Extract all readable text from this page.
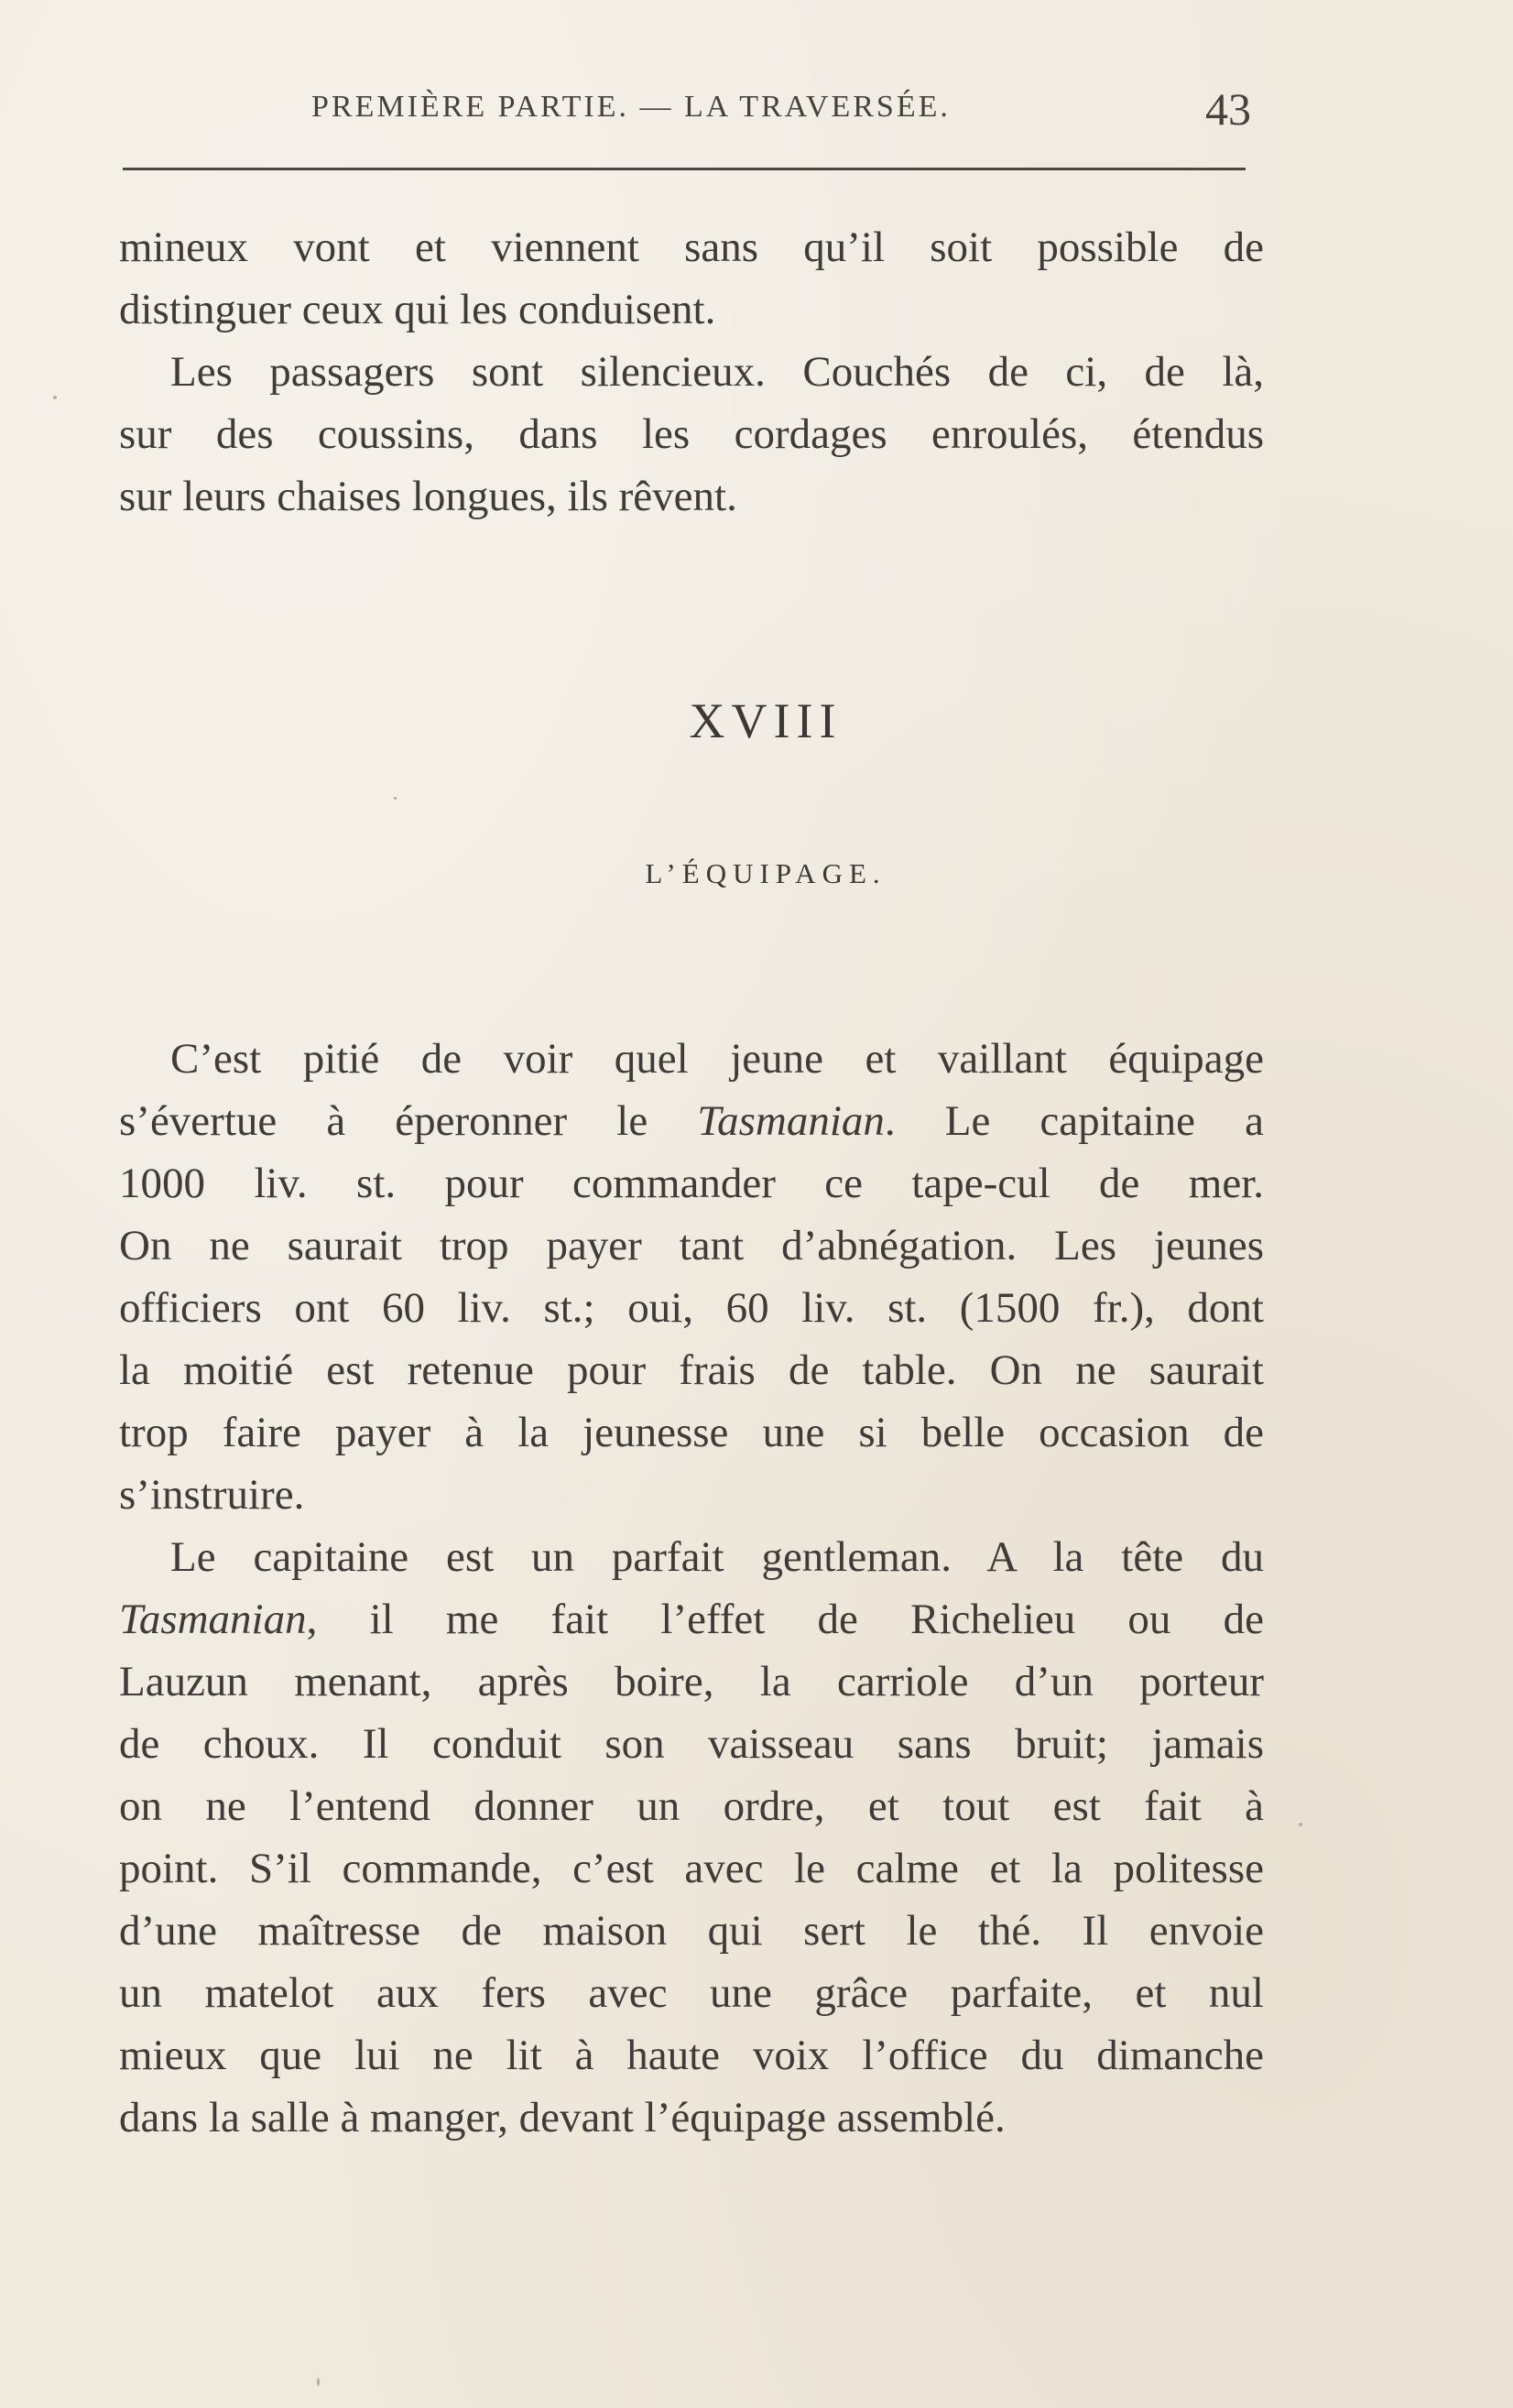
PREMIÈRE PARTIE. — LA TRAVERSÉE.	43
mineux vont et viennent sans qu’il soit possible de
distinguer ceux qui les conduisent.
Les passagers sont silencieux. Couchés de ci, de là,
sur des coussins, dans les cordages enroulés, étendus
sur leurs chaises longues, ils rêvent.
XVIII
L’ÉQUIPAGE.
C’est pitié de voir quel jeune et vaillant équipage
s’évertue à éperonner le Tasmanian. Le capitaine a
1000 liv. st. pour commander ce tape-cul de mer.
On ne saurait trop payer tant d’abnégation. Les jeunes
officiers ont 60 liv. st.; oui, 60 liv. st. (1500 fr.), dont
la moitié est retenue pour frais de table. On ne saurait
trop faire payer à la jeunesse une si belle occasion de
s’instruire.
Le capitaine est un parfait gentleman. A la tête du
Tasmanian, il me fait l’effet de Richelieu ou de
Lauzun menant, après boire, la carriole d’un porteur
de choux. Il conduit son vaisseau sans bruit; jamais
on ne l’entend donner un ordre, et tout est fait à
point. S’il commande, c’est avec le calme et la politesse
d’une maîtresse de maison qui sert le thé. Il envoie
un matelot aux fers avec une grâce parfaite, et nul
mieux que lui ne lit à haute voix l’office du dimanche
dans la salle à manger, devant l’équipage assemblé.
